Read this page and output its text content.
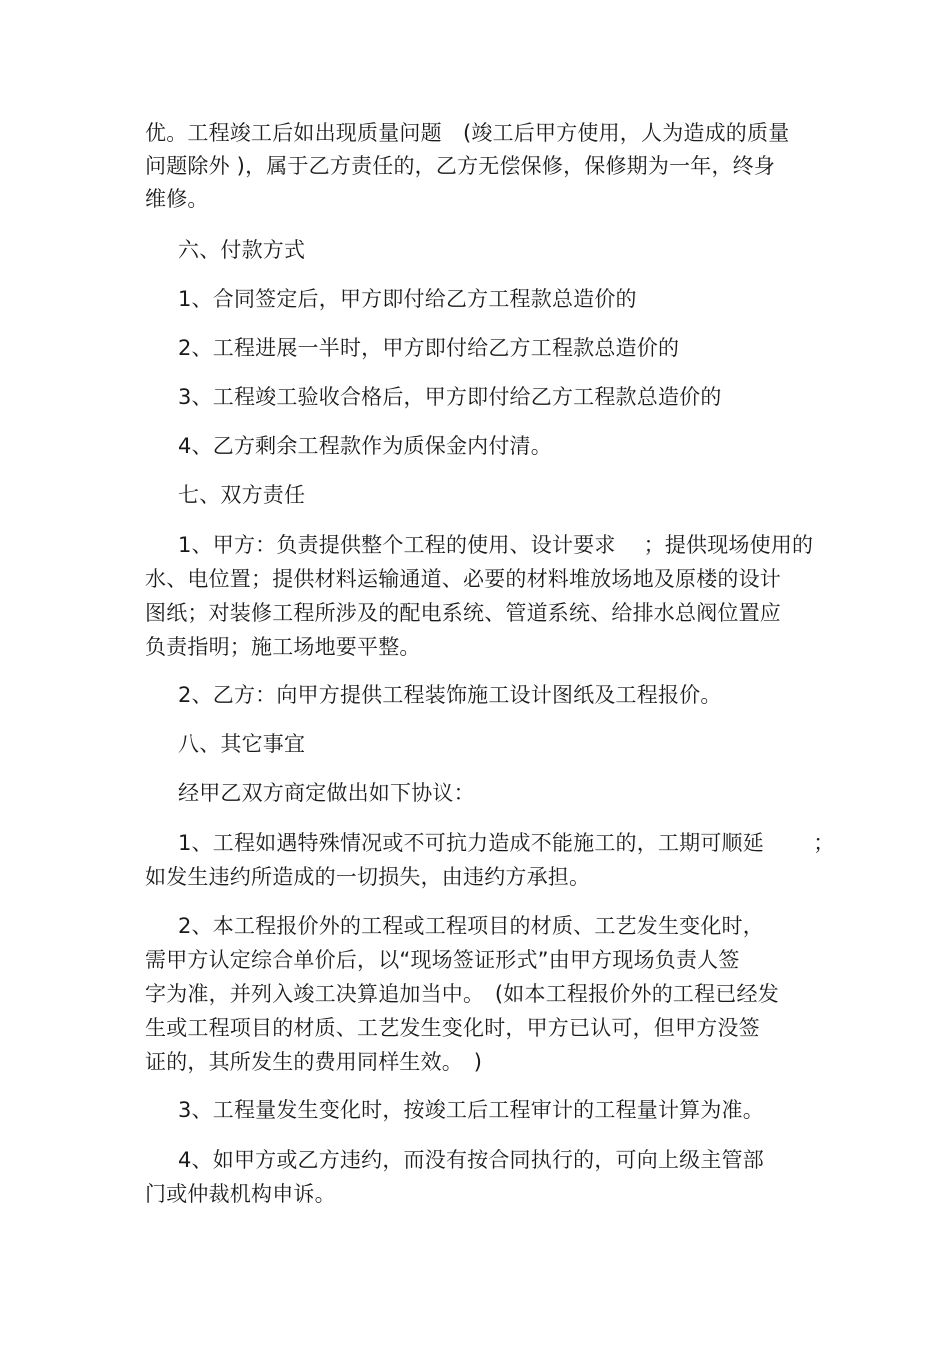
优。工程竣工后如出现质量问题　(竣工后甲方使用，人为造成的质量
问题除外 )，属于乙方责任的，乙方无偿保修，保修期为一年，终身
维修。
六、付款方式
1、合同签定后，甲方即付给乙方工程款总造价的
2、工程进展一半时，甲方即付给乙方工程款总造价的
3、工程竣工验收合格后，甲方即付给乙方工程款总造价的
4、乙方剩余工程款作为质保金内付清。
七、双方责任
1、甲方：负责提供整个工程的使用、设计要求　 ；提供现场使用的
水、电位置；提供材料运输通道、必要的材料堆放场地及原楼的设计
图纸；对装修工程所涉及的配电系统、管道系统、给排水总阀位置应
负责指明；施工场地要平整。
2、乙方：向甲方提供工程装饰施工设计图纸及工程报价。
八、其它事宜
经甲乙双方商定做出如下协议：
1、工程如遇特殊情况或不可抗力造成不能施工的，工期可顺延　　 ；
如发生违约所造成的一切损失，由违约方承担。
2、本工程报价外的工程或工程项目的材质、工艺发生变化时，
需甲方认定综合单价后，以“现场签证形式”由甲方现场负责人签
字为准，并列入竣工决算追加当中。　(如本工程报价外的工程已经发
生或工程项目的材质、工艺发生变化时，甲方已认可，但甲方没签
证的，其所发生的费用同样生效。　)
3、工程量发生变化时，按竣工后工程审计的工程量计算为准。
4、如甲方或乙方违约，而没有按合同执行的，可向上级主管部
门或仲裁机构申诉。
